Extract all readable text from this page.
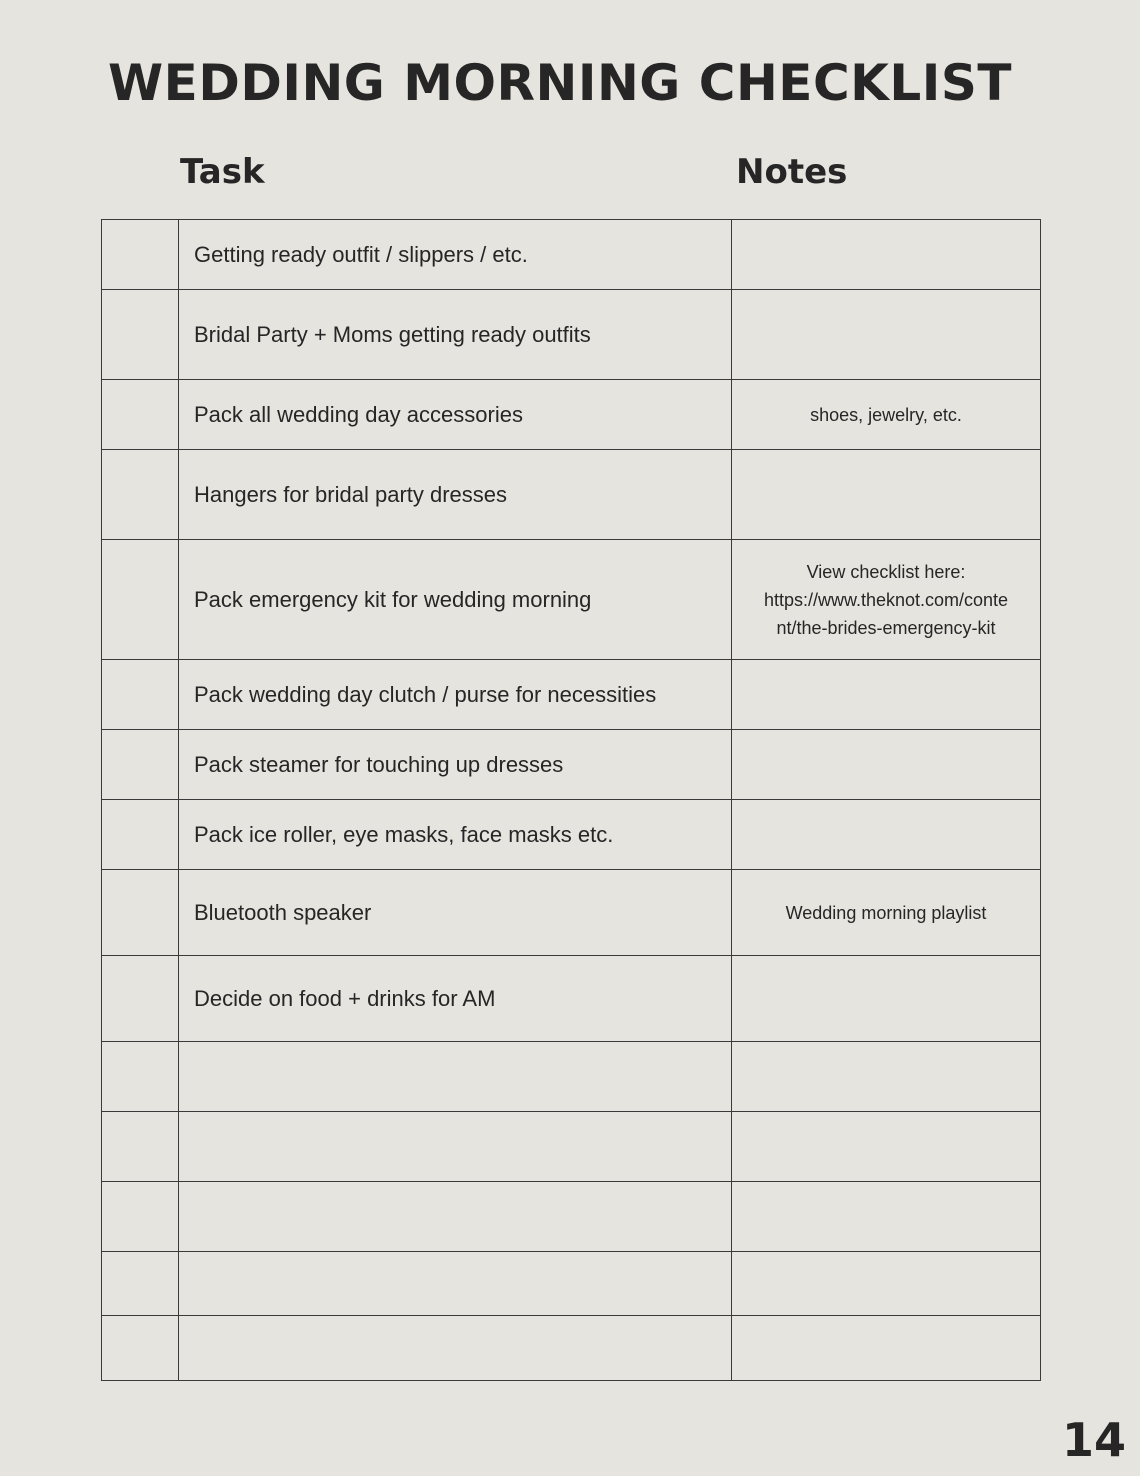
WEDDING MORNING CHECKLIST
Task	Notes
	Getting ready outfit / slippers / etc.	
	Bridal Party + Moms getting ready outfits	
	Pack all wedding day accessories	shoes, jewelry, etc.

	Hangers for bridal party dresses	
	Pack emergency kit for wedding morning	View checklist here:
https://www.theknot.com/conte
nt/the-brides-emergency-kit

	Pack wedding day clutch / purse for necessities	
	Pack steamer for touching up dresses	
	Pack ice roller, eye masks, face masks etc.	
	Bluetooth speaker	Wedding morning playlist

	Decide on food + drinks for AM	

14
